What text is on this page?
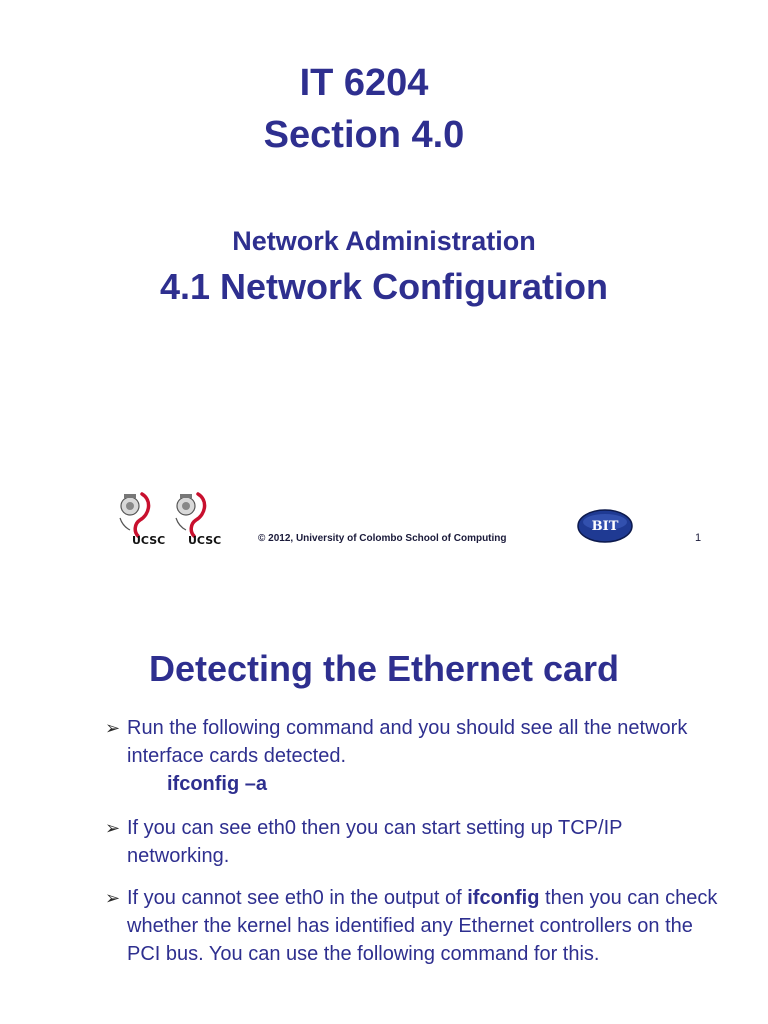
IT 6204
Section 4.0
Network Administration
4.1 Network Configuration
UCSC UCSC	© 2012, University of Colombo School of Computing
BIT
1
Detecting the Ethernet card
➢ Run the following command and you should see all the network interface cards detected.
ifconfig –a
➢ If you can see eth0 then you can start setting up TCP/IP networking.
➢ If you cannot see eth0 in the output of ifconfig then you can check whether the kernel has identified any Ethernet controllers on the PCI bus. You can use the following command for this.
